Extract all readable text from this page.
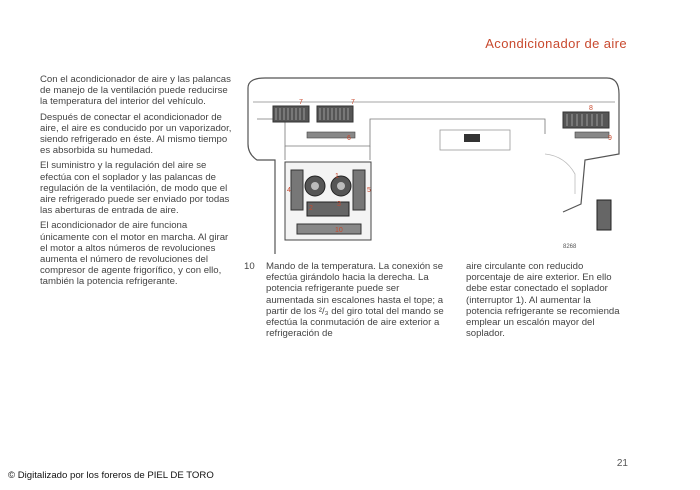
Acondicionador de aire

Con el acondicionador de aire y las palancas de manejo de la ventilación puede reducirse la temperatura del interior del vehículo.

Después de conectar el acondicionador de aire, el aire es conducido por un vaporizador, siendo refrigerado en éste. Al mismo tiempo es absorbida su humedad.

El suministro y la regulación del aire se efectúa con el soplador y las palancas de regulación de la ventilación, de modo que el aire refrigerado puede ser enviado por todas las aberturas de entrada de aire.

El acondicionador de aire funciona únicamente con el motor en marcha. Al girar el motor a altos números de revoluciones aumenta el número de revoluciones del compresor de agente frigorífico, y con ello, también la potencia refrigerante.

7	7
8
6	9
4
2
1
3
5
10
8268
10 Mando de la temperatura. La conexión se efectúa girándolo hacia la derecha. La potencia refrigerante puede ser aumentada sin escalones hasta el tope; a partir de los ²/₃ del giro total del mando se efectúa la conmutación de aire exterior a refrigeración de

aire circulante con reducido porcentaje de aire exterior. En ello debe estar conectado el soplador (interruptor 1). Al aumentar la potencia refrigerante se recomienda emplear un escalón mayor del soplador.

21
© Digitalizado por los foreros de PIEL DE TORO
